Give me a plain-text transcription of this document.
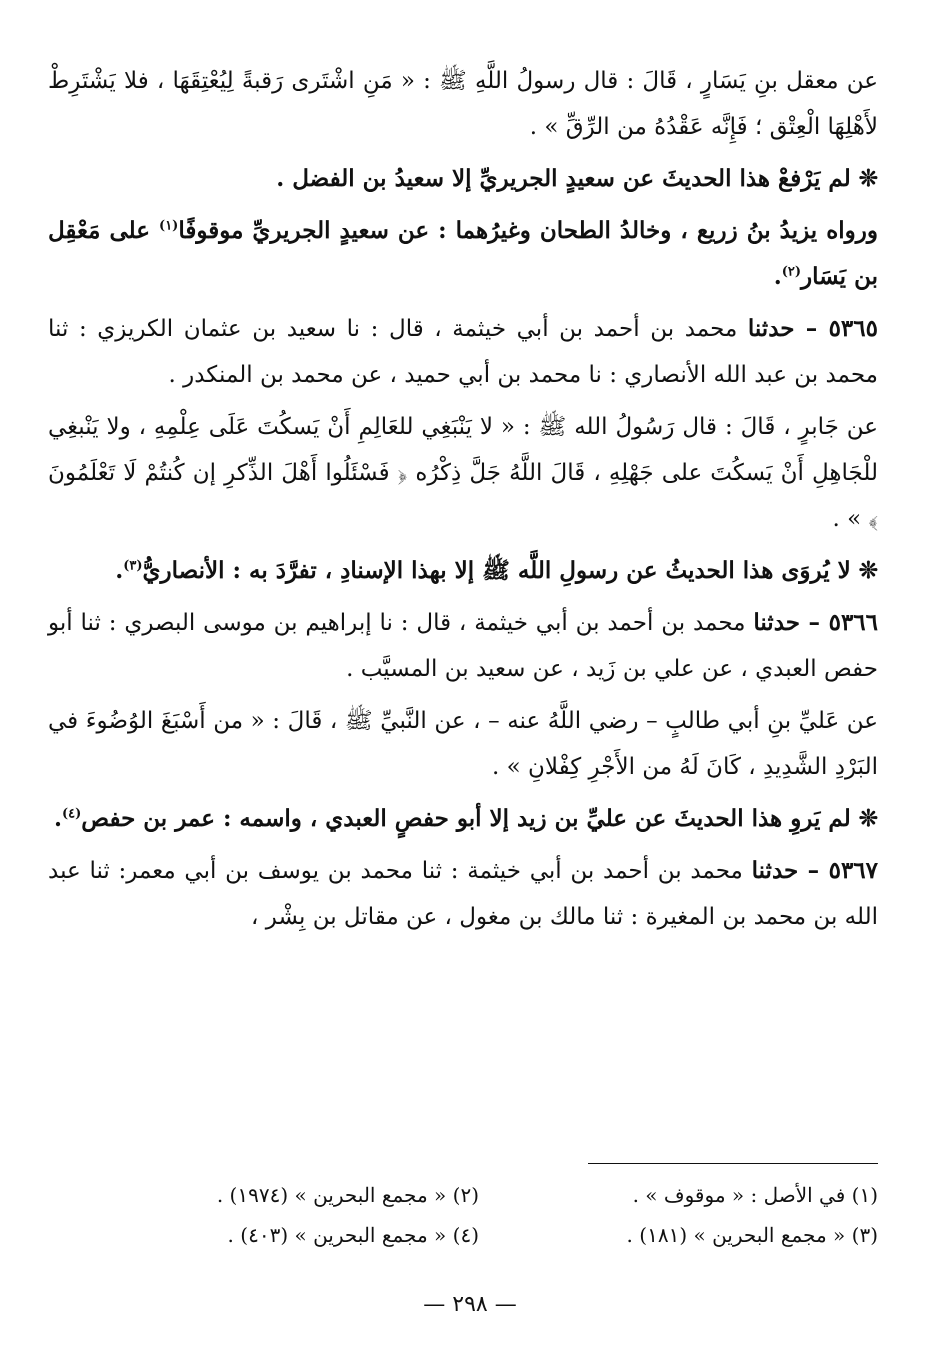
عن معقل بنِ يَسَارٍ ، قَالَ : قال رسولُ اللَّهِ ﷺ : « مَنِ اشْتَرى رَقبةً لِيُعْتِقَهَا ، فلا يَشْتَرِطْ لأَهْلِهَا الْعِتْق ؛ فَإِنَّه عَقْدُهُ من الرِّقِّ » .

❊ لم يَرْفعْ هذا الحديثَ عن سعيدٍ الجريريِّ إلا سعيدُ بن الفضل .

ورواه يزيدُ بنُ زريع ، وخالدُ الطحان وغيرُهما : عن سعيدٍ الجريريِّ موقوفًا$^{(١)}$ على مَعْقِل بن يَسَار$^{(٢)}$.

٥٣٦٥ – حدثنا محمد بن أحمد بن أبي خيثمة ، قال : نا سعيد بن عثمان الكريزي : ثنا محمد بن عبد الله الأنصاري : نا محمد بن أبي حميد ، عن محمد بن المنكدر .

عن جَابرٍ ، قَالَ : قال رَسُولُ الله ﷺ : « لا يَنْبَغِي للعَالِمِ أَنْ يَسكُتَ عَلَى عِلْمِهِ ، ولا يَنْبغِي للْجَاهِلِ أَنْ يَسكُتَ على جَهْلِهِ ، قَالَ اللَّهُ جَلَّ ذِكْرُه ﴿ فَسْئَلُوا أَهْلَ الذِّكرِ إن كُنتُمْ لَا تَعْلَمُونَ ﴾ » .

❊ لا يُروَى هذا الحديثُ عن رسولِ اللَّه ﷺ إلا بهذا الإسنادِ ، تفرَّدَ به : الأنصاريُّ$^{(٣)}$.

٥٣٦٦ – حدثنا محمد بن أحمد بن أبي خيثمة ، قال : نا إبراهيم بن موسى البصري : ثنا أبو حفص العبدي ، عن علي بن زَيد ، عن سعيد بن المسيَّب .

عن عَليِّ بنِ أبي طالبٍ – رضي اللَّهُ عنه – ، عن النَّبيِّ ﷺ ، قَالَ : « من أَسْبَغَ الوُضُوءَ في البَرْدِ الشَّدِيدِ ، كَانَ لَهُ من الأَجْرِ كِفْلانِ » .

❊ لم يَروِ هذا الحديثَ عن عليِّ بن زيد إلا أبو حفصٍ العبدي ، واسمه : عمر بن حفص$^{(٤)}$.

٥٣٦٧ – حدثنا محمد بن أحمد بن أبي خيثمة : ثنا محمد بن يوسف بن أبي معمر: ثنا عبد الله بن محمد بن المغيرة : ثنا مالك بن مغول ، عن مقاتل بن بِشْر ،

(١) في الأصل : « موقوف » .
(٢) « مجمع البحرين » (١٩٧٤) .
(٣) « مجمع البحرين » (١٨١) .
(٤) « مجمع البحرين » (٤٠٣) .
— ٢٩٨ —
